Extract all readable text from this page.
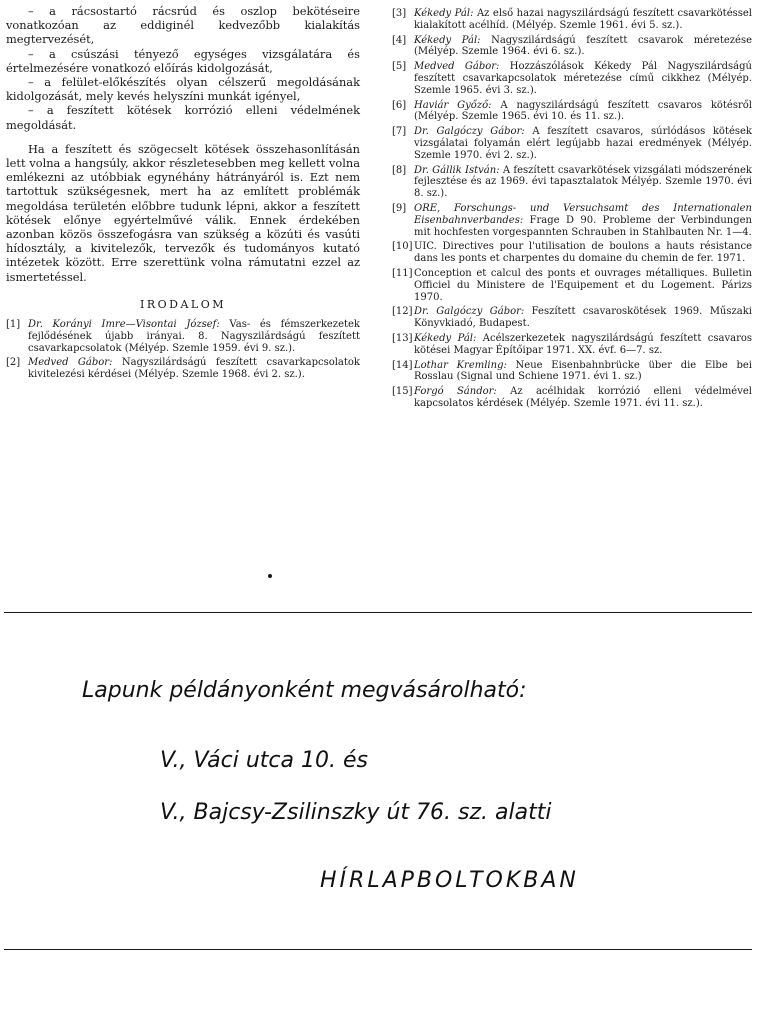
– a rácsostartó rácsrúd és oszlop bekötéseire vonatkozóan az eddiginél kedvezőbb kialakítás megtervezését,

– a csúszási tényező egységes vizsgálatára és értelmezésére vonatkozó előírás kidolgozását,

– a felület-előkészítés olyan célszerű megoldásának kidolgozását, mely kevés helyszíni munkát igényel,

– a feszített kötések korrózió elleni védelmének megoldását.

Ha a feszített és szögecselt kötések összehasonlításán lett volna a hangsúly, akkor részletesebben meg kellett volna emlékezni az utóbbiak egynéhány hátrányáról is. Ezt nem tartottuk szükségesnek, mert ha az említett problémák megoldása területén előbbre tudunk lépni, akkor a feszített kötések előnye egyértelművé válik. Ennek érdekében azonban közös összefogásra van szükség a közúti és vasúti hídosztály, a kivitelezők, tervezők és tudományos kutató intézetek között. Erre szerettünk volna rámutatni ezzel az ismertetéssel.

IRODALOM
[1] Dr. Korányi Imre—Visontai József: Vas- és fémszerkezetek fejlődésének újabb irányai. 8. Nagyszilárdságú feszített csavarkapcsolatok (Mélyép. Szemle 1959. évi 9. sz.).
[2] Medved Gábor: Nagyszilárdságú feszített csavarkapcsolatok kivitelezési kérdései (Mélyép. Szemle 1968. évi 2. sz.).
[3] Kékedy Pál: Az első hazai nagyszilárdságú feszített csavarkötéssel kialakított acélhíd. (Mélyép. Szemle 1961. évi 5. sz.).
[4] Kékedy Pál: Nagyszilárdságú feszített csavarok méretezése (Mélyép. Szemle 1964. évi 6. sz.).
[5] Medved Gábor: Hozzászólások Kékedy Pál Nagyszilárdságú feszített csavarkapcsolatok méretezése című cikkhez (Mélyép. Szemle 1965. évi 3. sz.).
[6] Haviár Győző: A nagyszilárdságú feszített csavaros kötésről (Mélyép. Szemle 1965. évi 10. és 11. sz.).
[7] Dr. Galgóczy Gábor: A feszített csavaros, súrlódásos kötések vizsgálatai folyamán elért legújabb hazai eredmények (Mélyép. Szemle 1970. évi 2. sz.).
[8] Dr. Gállik István: A feszített csavarkötések vizsgálati módszerének fejlesztése és az 1969. évi tapasztalatok Mélyép. Szemle 1970. évi 8. sz.).
[9] ORE, Forschungs- und Versuchsamt des Internationalen Eisenbahnverbandes: Frage D 90. Probleme der Verbindungen mit hochfesten vorgespannten Schrauben in Stahlbauten Nr. 1—4.
[10] UIC. Directives pour l'utilisation de boulons a hauts résistance dans les ponts et charpentes du domaine du chemin de fer. 1971.
[11] Conception et calcul des ponts et ouvrages métalliques. Bulletin Officiel du Ministere de l'Equipement et du Logement. Párizs 1970.
[12] Dr. Galgóczy Gábor: Feszített csavaroskötések 1969. Műszaki Könyvkiadó, Budapest.
[13] Kékedy Pál: Acélszerkezetek nagyszilárdságú feszített csavaros kötései Magyar Építőipar 1971. XX. évf. 6—7. sz.
[14] Lothar Kremling: Neue Eisenbahnbrücke über die Elbe bei Rosslau (Signal und Schiene 1971. évi 1. sz.)
[15] Forgó Sándor: Az acélhidak korrózió elleni védelmével kapcsolatos kérdések (Mélyép. Szemle 1971. évi 11. sz.).
Lapunk példányonként megvásárolható:
V., Váci utca 10. és
V., Bajcsy-Zsilinszky út 76. sz. alatti
HÍRLAPBOLTOKBAN
